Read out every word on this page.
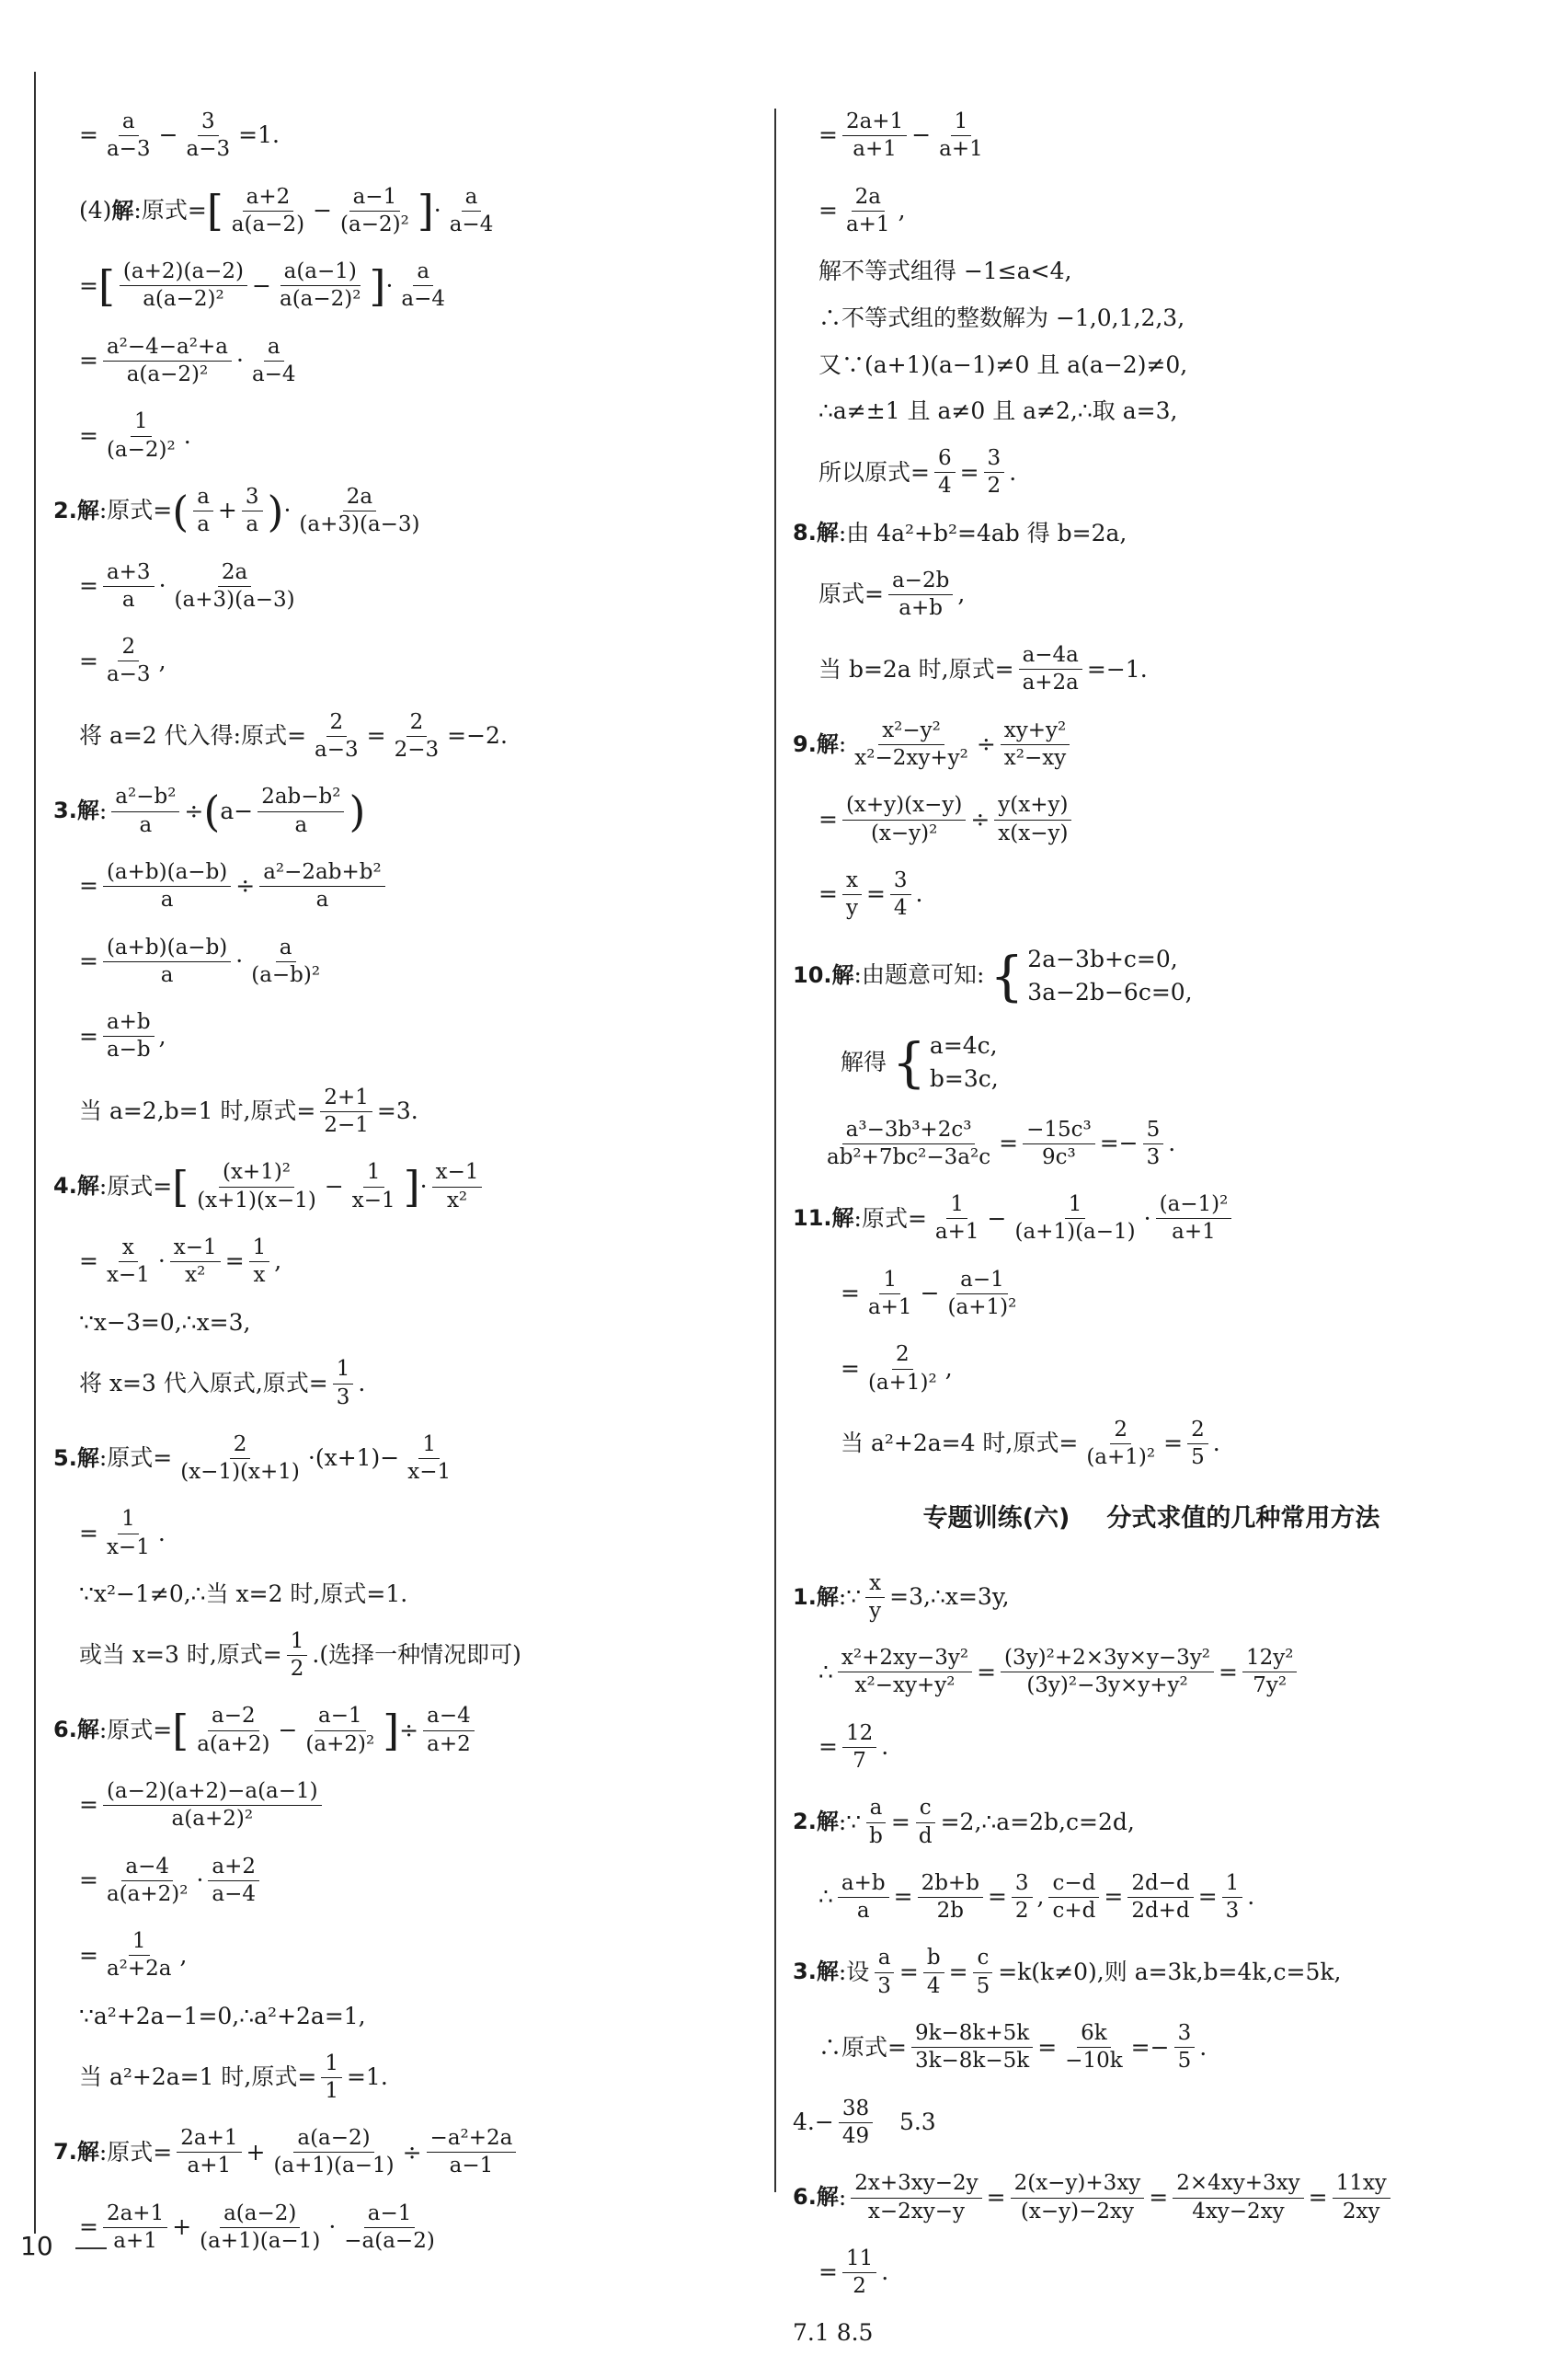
10
= $\frac{a}{a-3} - \frac{3}{a-3} =1$.
(4) 解 : 原式 = [ $\frac{a+2}{a(a-2)} - \frac{a-1}{\text{(a−2)²}}$ ] · $\frac{a}{a-4}$
= [ $\frac{(a+2)(a-2)}{\text{a(a−2)²}} - \frac{a(a-1)}{\text{a(a−2)²}}$ ] · $\frac{a}{a-4}$
= $\frac{\text{a²−4−a²+a}}{\text{a(a−2)²}} \cdot \frac{a}{a-4}$
= $\frac{1}{\text{(a−2)²}}$ .
2. 解 : 原式 = ( $\frac{a}{a} + \frac{3}{a}$ ) · $\frac{2a}{(a+3)(a-3)}$
= $\frac{a+3}{a} \cdot \frac{2a}{(a+3)(a-3)}$
= $\frac{2}{a-3}$ ,
将 a=2 代入得:原式= $\frac{2}{a-3} = \frac{2}{2-3} =-2$.
3. 解 : $\frac{\text{a²−b²}}{a}$ ÷ ( $a- \frac{\text{2ab−b²}}{a}$ )
= $\frac{(a+b)(a-b)}{a} \div \frac{\text{a²−2ab+b²}}{a}$
= $\frac{(a+b)(a-b)}{a} \cdot \frac{a}{\text{(a−b)²}}$
= $\frac{a+b}{a-b}$ ,
当 a=2,b=1 时,原式= $\frac{2+1}{2-1} =3$.
4. 解 : 原式 = [ $\frac{\text{(x+1)²}}{(x+1)(x-1)} - \frac{1}{x-1}$ ] · $\frac{x-1}{\text{x²}}$
= $\frac{x}{x-1} \cdot \frac{x-1}{\text{x²}} = \frac{1}{x}$ ,
∵x−3=0,∴x=3,
将 x=3 代入原式,原式= $\frac{1}{3}$ .
5. 解 : 原式 = $\frac{2}{(x-1)(x+1)} \cdot(x+1)- \frac{1}{x-1}$
= $\frac{1}{x-1}$ .
∵x²−1≠0,∴当 x=2 时,原式=1.
或当 x=3 时,原式= $\frac{1}{2}$ .(选择一种情况即可)
6. 解 : 原式 = [ $\frac{a-2}{a(a+2)} - \frac{a-1}{\text{(a+2)²}}$ ] ÷ $\frac{a-4}{a+2}$
= $\frac{(a-2)(a+2)-a(a-1)}{\text{a(a+2)²}}$
= $\frac{a-4}{\text{a(a+2)²}} \cdot \frac{a+2}{a-4}$
= $\frac{1}{\text{a²+2a}}$ ,
∵a²+2a−1=0,∴a²+2a=1,
当 a²+2a=1 时,原式= $\frac{1}{1} =1$.
7. 解 : 原式 = $\frac{2a+1}{a+1} + \frac{a(a-2)}{(a+1)(a-1)} \div \frac{\text{−a²+2a}}{a-1}$
= $\frac{2a+1}{a+1} + \frac{a(a-2)}{(a+1)(a-1)} \cdot \frac{a-1}{-a(a-2)}$
= $\frac{2a+1}{a+1} - \frac{1}{a+1}$
= $\frac{2a}{a+1}$ ,
解不等式组得 −1≤a<4,
∴不等式组的整数解为 −1,0,1,2,3,
又∵(a+1)(a−1)≠0 且 a(a−2)≠0,
∴a≠±1 且 a≠0 且 a≠2,∴取 a=3,
所以原式= $\frac{6}{4} = \frac{3}{2}$ .
8. 解 : 由 4a²+b²=4ab 得 b=2a,
原式 = $\frac{a-2b}{a+b}$ ,
当 b=2a 时,原式= $\frac{a-4a}{a+2a} =-1$.
9. 解 : $\frac{\text{x²−y²}}{\text{x²−2xy+y²}} \div \frac{\text{xy+y²}}{\text{x²−xy}}$
= $\frac{(x+y)(x-y)}{\text{(x−y)²}} \div \frac{y(x+y)}{x(x-y)}$
= $\frac{x}{y} = \frac{3}{4}$ .
10. 解 : 由题意可知: { 2a−3b+c=0,
3a−2b−6c=0,
解得 { a=4c,
b=3c,
$\frac{\text{a³−3b³+2c³}}{\text{ab²+7bc²−3a²c}} = \frac{\text{−15c³}}{\text{9c³}} =- \frac{5}{3}$ .
11. 解 : 原式 = $\frac{1}{a+1} - \frac{1}{(a+1)(a-1)} \cdot \frac{\text{(a−1)²}}{a+1}$
= $\frac{1}{a+1} - \frac{a-1}{\text{(a+1)²}}$
= $\frac{2}{\text{(a+1)²}}$ ,
当 a²+2a=4 时,原式= $\frac{2}{\text{(a+1)²}} = \frac{2}{5}$ .
专题训练(六) 分式求值的几种常用方法
1. 解 :∵ $\frac{x}{y} =3$, ∴x=3y,
∴ $\frac{\text{x²+2xy−3y²}}{\text{x²−xy+y²}} = \frac{\text{(3y)²+2×3y×y−3y²}}{\text{(3y)²−3y×y+y²}} = \frac{\text{12y²}}{\text{7y²}}$
= $\frac{12}{7}$ .
2. 解 :∵ $\frac{a}{b} = \frac{c}{d}$ =2,∴a=2b,c=2d,
∴ $\frac{a+b}{a} = \frac{2b+b}{2b} = \frac{3}{2}$ , $\frac{c-d}{c+d} = \frac{2d-d}{2d+d} = \frac{1}{3}$ .
3. 解 : 设 $\frac{a}{3} = \frac{b}{4} = \frac{c}{5} =k(k\ne 0)$,则 a=3k,b=4k,c=5k,
∴原式= $\frac{9k-8k+5k}{3k-8k-5k} = \frac{6k}{-10k} =- \frac{3}{5}$ .
$4.- \frac{38}{49}$
5.3
6. 解 : $\frac{2x+3xy-2y}{x-2xy-y} = \frac{2(x-y)+3xy}{(x-y)-2xy} = \frac{2\times 4xy+3xy}{4xy-2xy} = \frac{11xy}{2xy}$
= $\frac{11}{2}$ .
7.1 8.5
